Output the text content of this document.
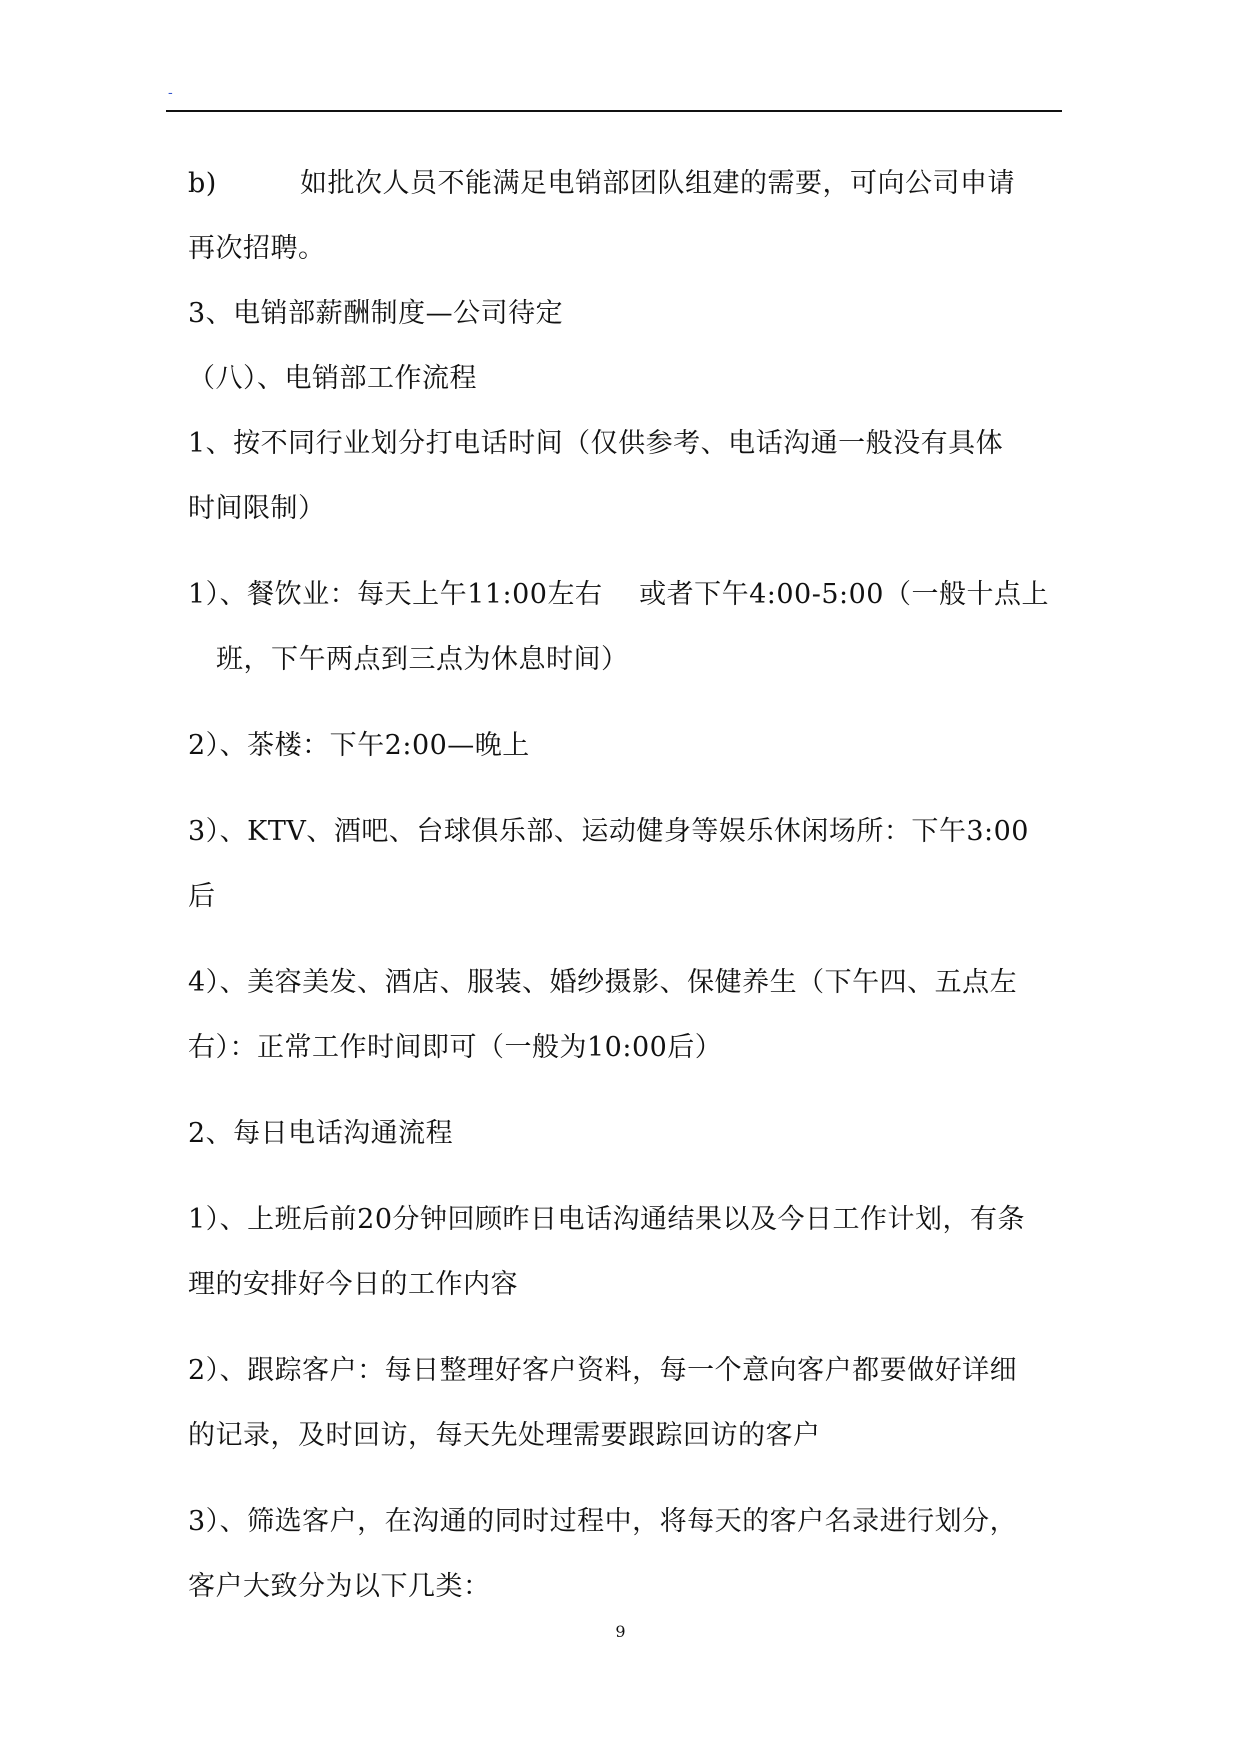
-
b)	如批次人员不能满足电销部团队组建的需要，可向公司申请
再次招聘。
3、电销部薪酬制度—公司待定
（八）、电销部工作流程
1、按不同行业划分打电话时间（仅供参考、电话沟通一般没有具体
时间限制）
1）、餐饮业：每天上午11:00左右　 或者下午4:00-5:00（一般十点上
班，下午两点到三点为休息时间）
2）、茶楼：下午2:00—晚上
3）、KTV、酒吧、台球俱乐部、运动健身等娱乐休闲场所：下午3:00
后
4）、美容美发、酒店、服装、婚纱摄影、保健养生（下午四、五点左
右）：正常工作时间即可（一般为10:00后）
2、每日电话沟通流程
1）、上班后前20分钟回顾昨日电话沟通结果以及今日工作计划，有条
理的安排好今日的工作内容
2）、跟踪客户：每日整理好客户资料，每一个意向客户都要做好详细
的记录，及时回访，每天先处理需要跟踪回访的客户
3）、筛选客户，在沟通的同时过程中，将每天的客户名录进行划分，
客户大致分为以下几类：
9
